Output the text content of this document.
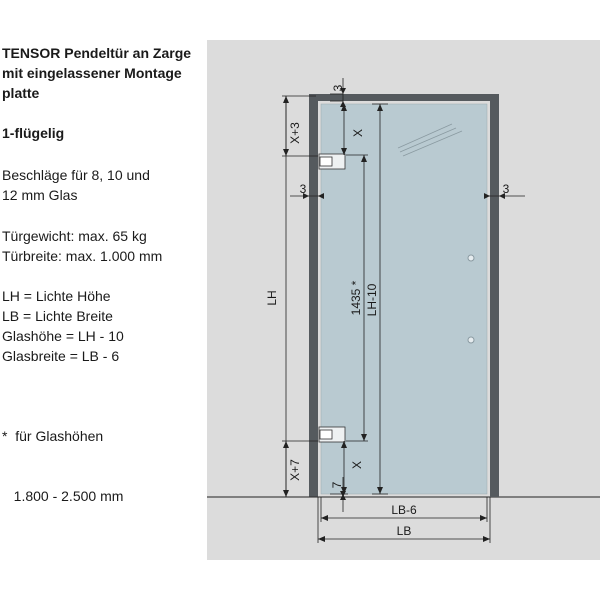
TENSOR Pendeltür an Zarge
mit eingelassener Montage
platte
1-flügelig
Beschläge für 8, 10 und
12 mm Glas
Türgewicht: max. 65 kg
Türbreite: max. 1.000 mm
LH = Lichte Höhe
LB = Lichte Breite
Glashöhe = LH - 10
Glasbreite = LB - 6

*  für Glashöhen

1.800 - 2.500 mm

3
X+3	X
3	3
LH	1435 * LH-10
X+7	X
7
LB-6
LB
